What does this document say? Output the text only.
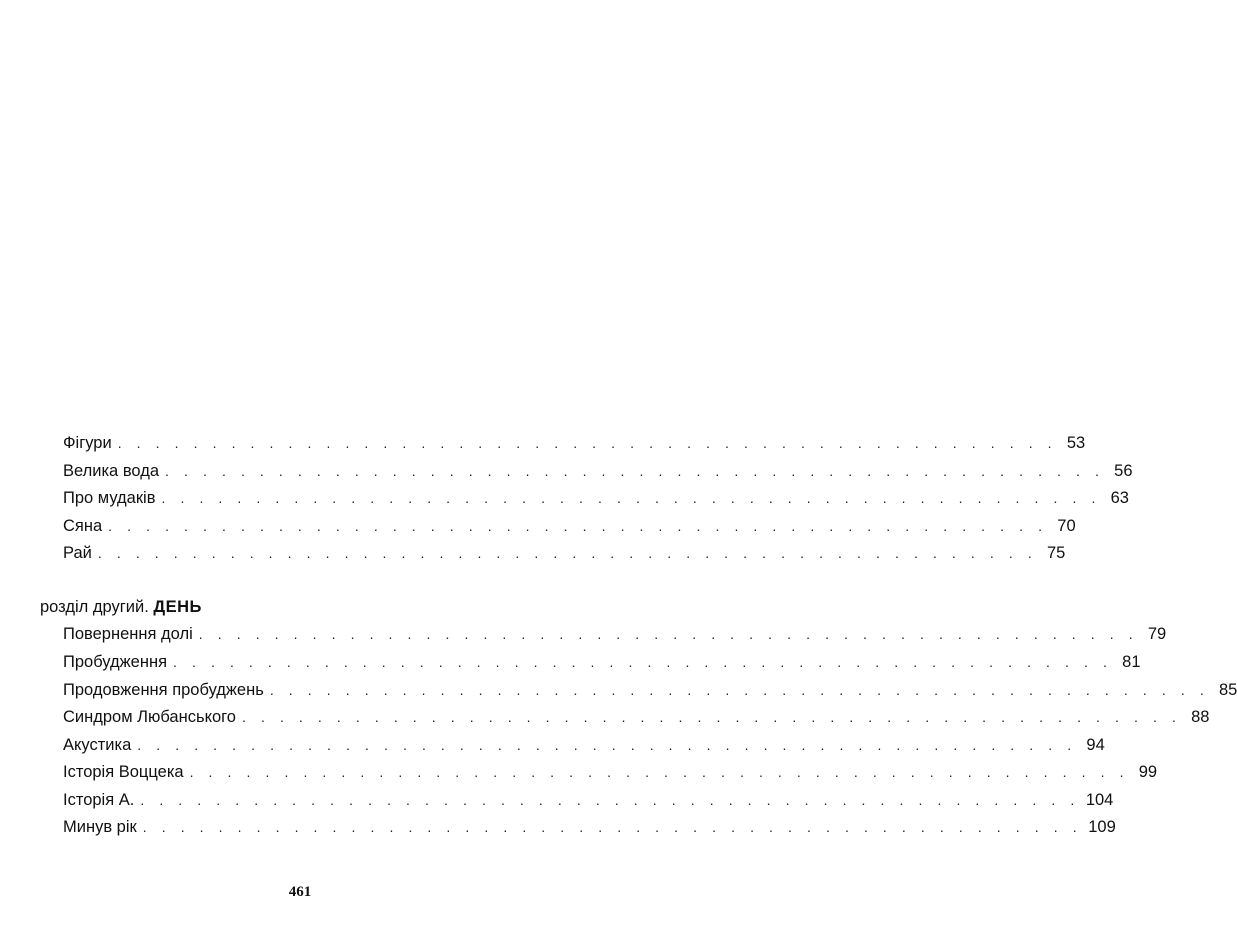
Фігури . . . . . . . . . . . . . . . . . . . . . . . . . . . . . . . . . . . . . . . . . . . . . . . . . . 53
Велика вода . . . . . . . . . . . . . . . . . . . . . . . . . . . . . . . . . . . . . . . . . . . . . . . . . . 56
Про мудаків . . . . . . . . . . . . . . . . . . . . . . . . . . . . . . . . . . . . . . . . . . . . . . . . . . 63
Сяна . . . . . . . . . . . . . . . . . . . . . . . . . . . . . . . . . . . . . . . . . . . . . . . . . . 70
Рай . . . . . . . . . . . . . . . . . . . . . . . . . . . . . . . . . . . . . . . . . . . . . . . . . . 75
розділ другий. ДЕНЬ
Повернення долі . . . . . . . . . . . . . . . . . . . . . . . . . . . . . . . . . . . . . . . . . . . . . . . . . . 79
Пробудження . . . . . . . . . . . . . . . . . . . . . . . . . . . . . . . . . . . . . . . . . . . . . . . . . . 81
Продовження пробуджень . . . . . . . . . . . . . . . . . . . . . . . . . . . . . . . . . . . . . . . . . . . . . . . . . . 85
Синдром Любанського . . . . . . . . . . . . . . . . . . . . . . . . . . . . . . . . . . . . . . . . . . . . . . . . . . 88
Акустика . . . . . . . . . . . . . . . . . . . . . . . . . . . . . . . . . . . . . . . . . . . . . . . . . . 94
Історія Воццека . . . . . . . . . . . . . . . . . . . . . . . . . . . . . . . . . . . . . . . . . . . . . . . . . . 99
Історія А. . . . . . . . . . . . . . . . . . . . . . . . . . . . . . . . . . . . . . . . . . . . . . . . . . . 104
Минув рік . . . . . . . . . . . . . . . . . . . . . . . . . . . . . . . . . . . . . . . . . . . . . . . . . . 109
461
